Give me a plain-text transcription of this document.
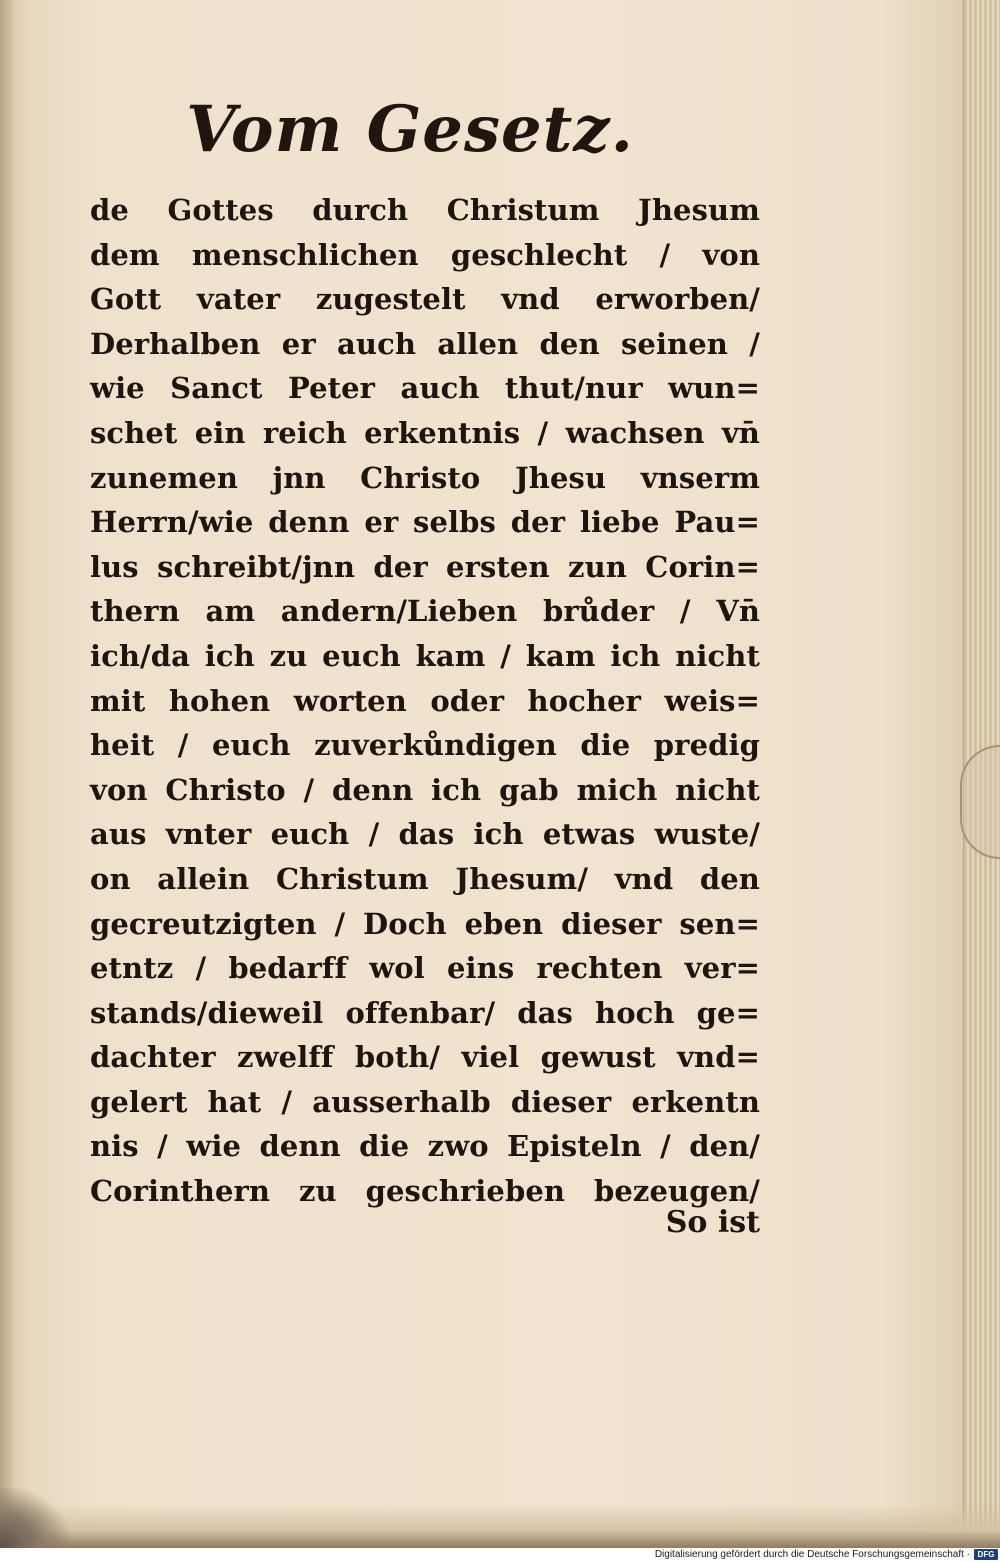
Vom Gesetz.
de Gottes durch Christum Jhesum
dem menschlichen geschlecht / von
Gott vater zugestelt vnd erworben/
Derhalben er auch allen den seinen /
wie Sanct Peter auch thut/nur wun=
schet ein reich erkentnis / wachsen vn̄
zunemen jnn Christo Jhesu vnserm
Herrn/wie denn er selbs der liebe Pau=
lus schreibt/jnn der ersten zun Corin=
thern am andern/Lieben brůder / Vn̄
ich/da ich zu euch kam / kam ich nicht
mit hohen worten oder hocher weis=
heit / euch zuverkůndigen die predig
von Christo / denn ich gab mich nicht
aus vnter euch / das ich etwas wuste/
on allein Christum Jhesum/ vnd den
gecreutzigten / Doch eben dieser sen=
etntz / bedarff wol eins rechten ver=
stands/dieweil offenbar/ das hoch ge=
dachter zwelff both/ viel gewust vnd=
gelert hat / ausserhalb dieser erkentn
nis / wie denn die zwo Episteln / den/
Corinthern zu geschrieben bezeugen/
So ist
Digitalisierung gefördert durch die Deutsche Forschungsgemeinschaft · DFG
